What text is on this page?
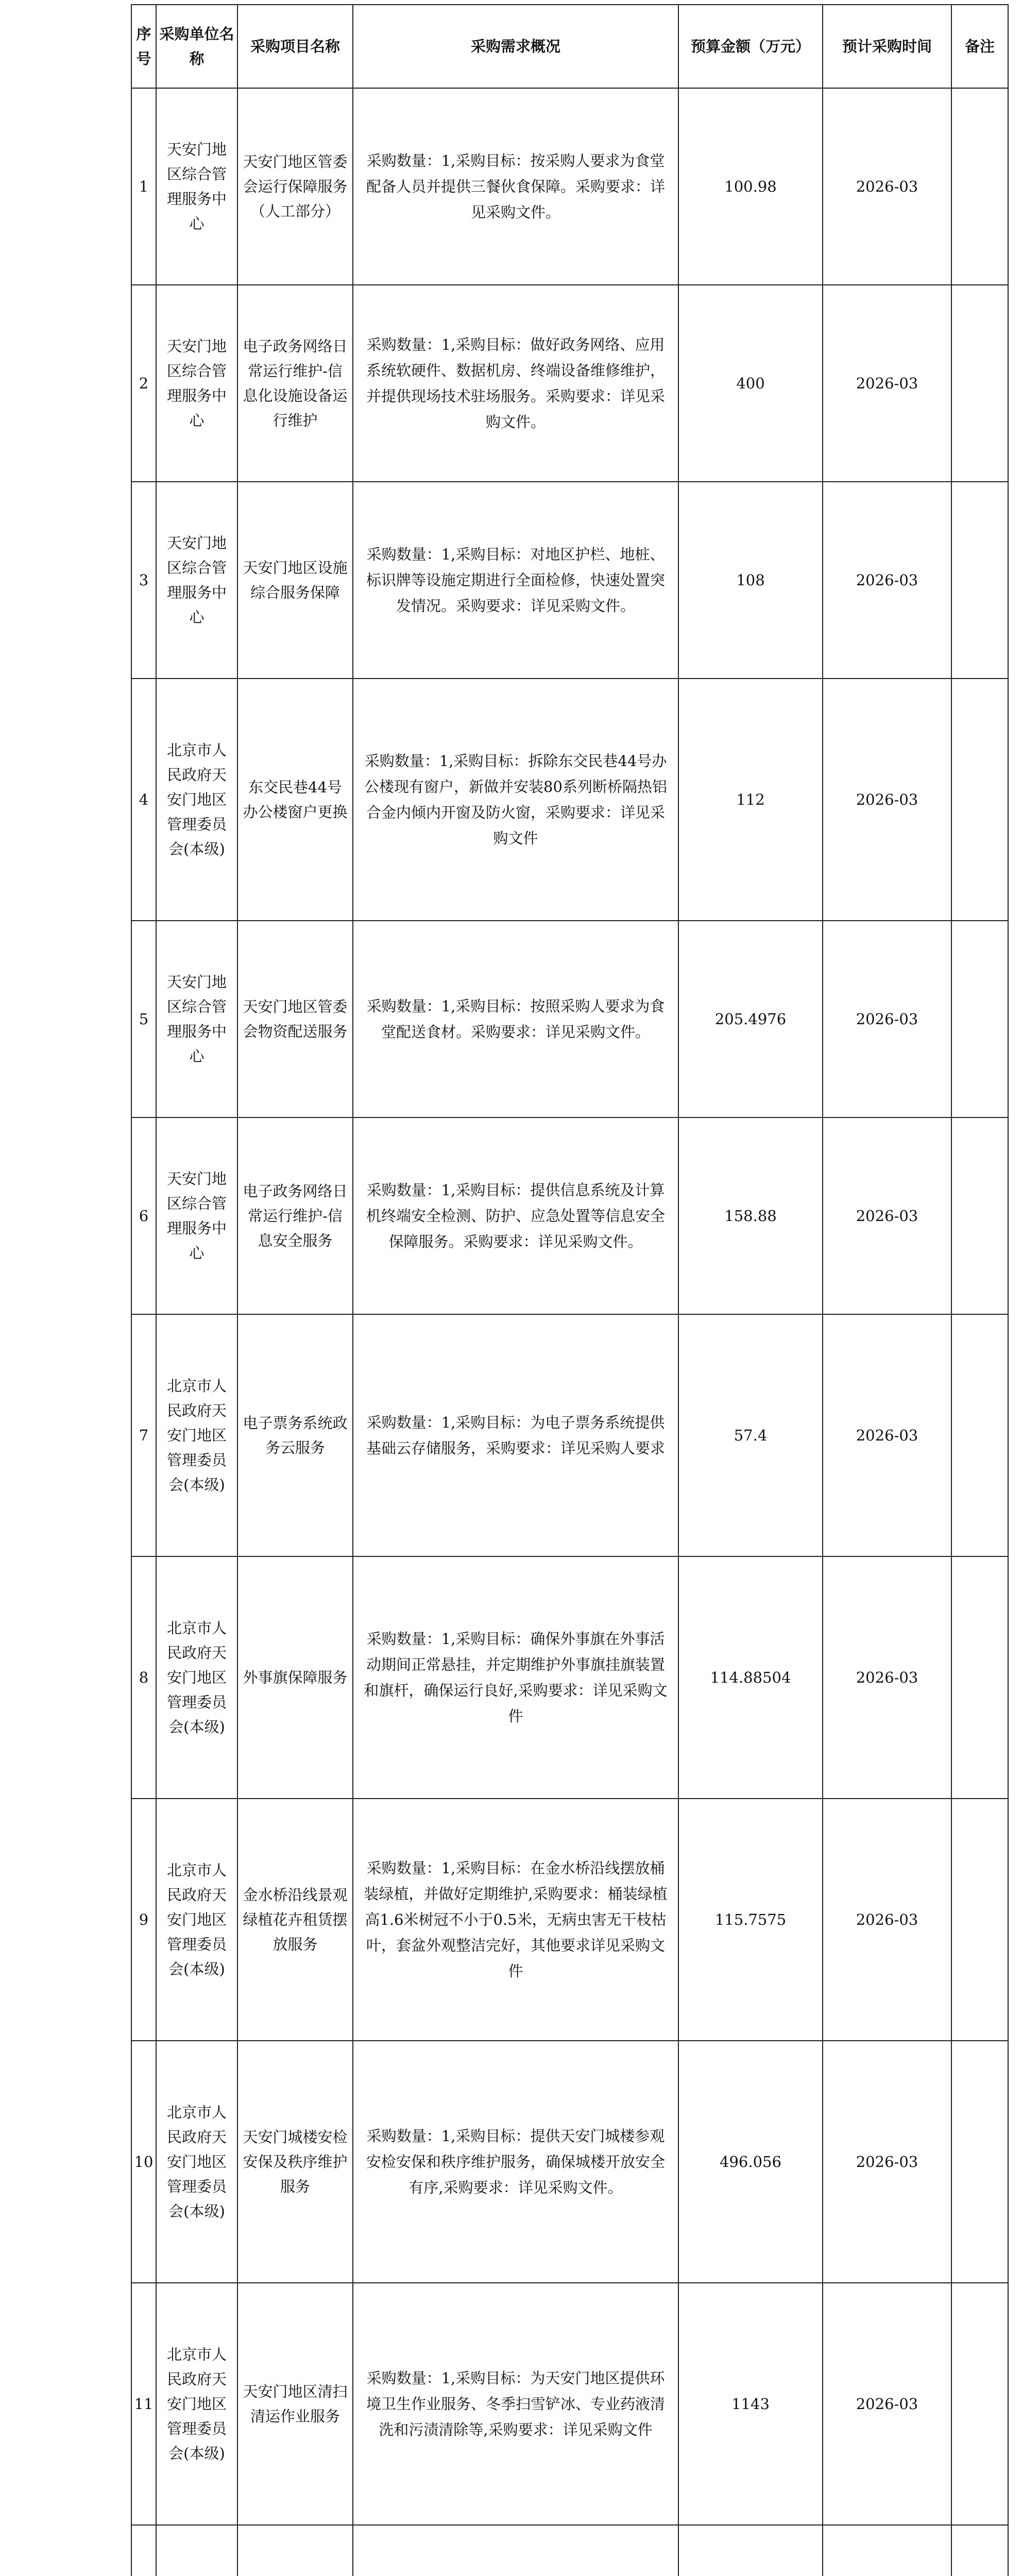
序号	采购单位名称	采购项目名称	采购需求概况	预算金额（万元）	预计采购时间	备注
1	天安门地区综合管理服务中心	天安门地区管委会运行保障服务（人工部分）	采购数量：1,采购目标：按采购人要求为食堂配备人员并提供三餐伙食保障。采购要求：详见采购文件。	100.98	2026-03	
2	天安门地区综合管理服务中心	电子政务网络日常运行维护-信息化设施设备运行维护	采购数量：1,采购目标：做好政务网络、应用系统软硬件、数据机房、终端设备维修维护，并提供现场技术驻场服务。采购要求：详见采购文件。	400	2026-03	
3	天安门地区综合管理服务中心	天安门地区设施综合服务保障	采购数量：1,采购目标：对地区护栏、地桩、标识牌等设施定期进行全面检修，快速处置突发情况。采购要求：详见采购文件。	108	2026-03	
4	北京市人民政府天安门地区管理委员会(本级)	东交民巷44号办公楼窗户更换	采购数量：1,采购目标：拆除东交民巷44号办公楼现有窗户，新做并安装80系列断桥隔热铝合金内倾内开窗及防火窗，采购要求：详见采购文件	112	2026-03	
5	天安门地区综合管理服务中心	天安门地区管委会物资配送服务	采购数量：1,采购目标：按照采购人要求为食堂配送食材。采购要求：详见采购文件。	205.4976	2026-03	
6	天安门地区综合管理服务中心	电子政务网络日常运行维护-信息安全服务	采购数量：1,采购目标：提供信息系统及计算机终端安全检测、防护、应急处置等信息安全保障服务。采购要求：详见采购文件。	158.88	2026-03	
7	北京市人民政府天安门地区管理委员会(本级)	电子票务系统政务云服务	采购数量：1,采购目标：为电子票务系统提供基础云存储服务，采购要求：详见采购人要求	57.4	2026-03	
8	北京市人民政府天安门地区管理委员会(本级)	外事旗保障服务	采购数量：1,采购目标：确保外事旗在外事活动期间正常悬挂，并定期维护外事旗挂旗装置和旗杆，确保运行良好,采购要求：详见采购文件	114.88504	2026-03	
9	北京市人民政府天安门地区管理委员会(本级)	金水桥沿线景观绿植花卉租赁摆放服务	采购数量：1,采购目标：在金水桥沿线摆放桶装绿植，并做好定期维护,采购要求：桶装绿植高1.6米树冠不小于0.5米，无病虫害无干枝枯叶，套盆外观整洁完好，其他要求详见采购文件	115.7575	2026-03	
10	北京市人民政府天安门地区管理委员会(本级)	天安门城楼安检安保及秩序维护服务	采购数量：1,采购目标：提供天安门城楼参观安检安保和秩序维护服务，确保城楼开放安全有序,采购要求：详见采购文件。	496.056	2026-03	
11	北京市人民政府天安门地区管理委员会(本级)	天安门地区清扫清运作业服务	采购数量：1,采购目标：为天安门地区提供环境卫生作业服务、冬季扫雪铲冰、专业药液清洗和污渍清除等,采购要求：详见采购文件	1143	2026-03	
